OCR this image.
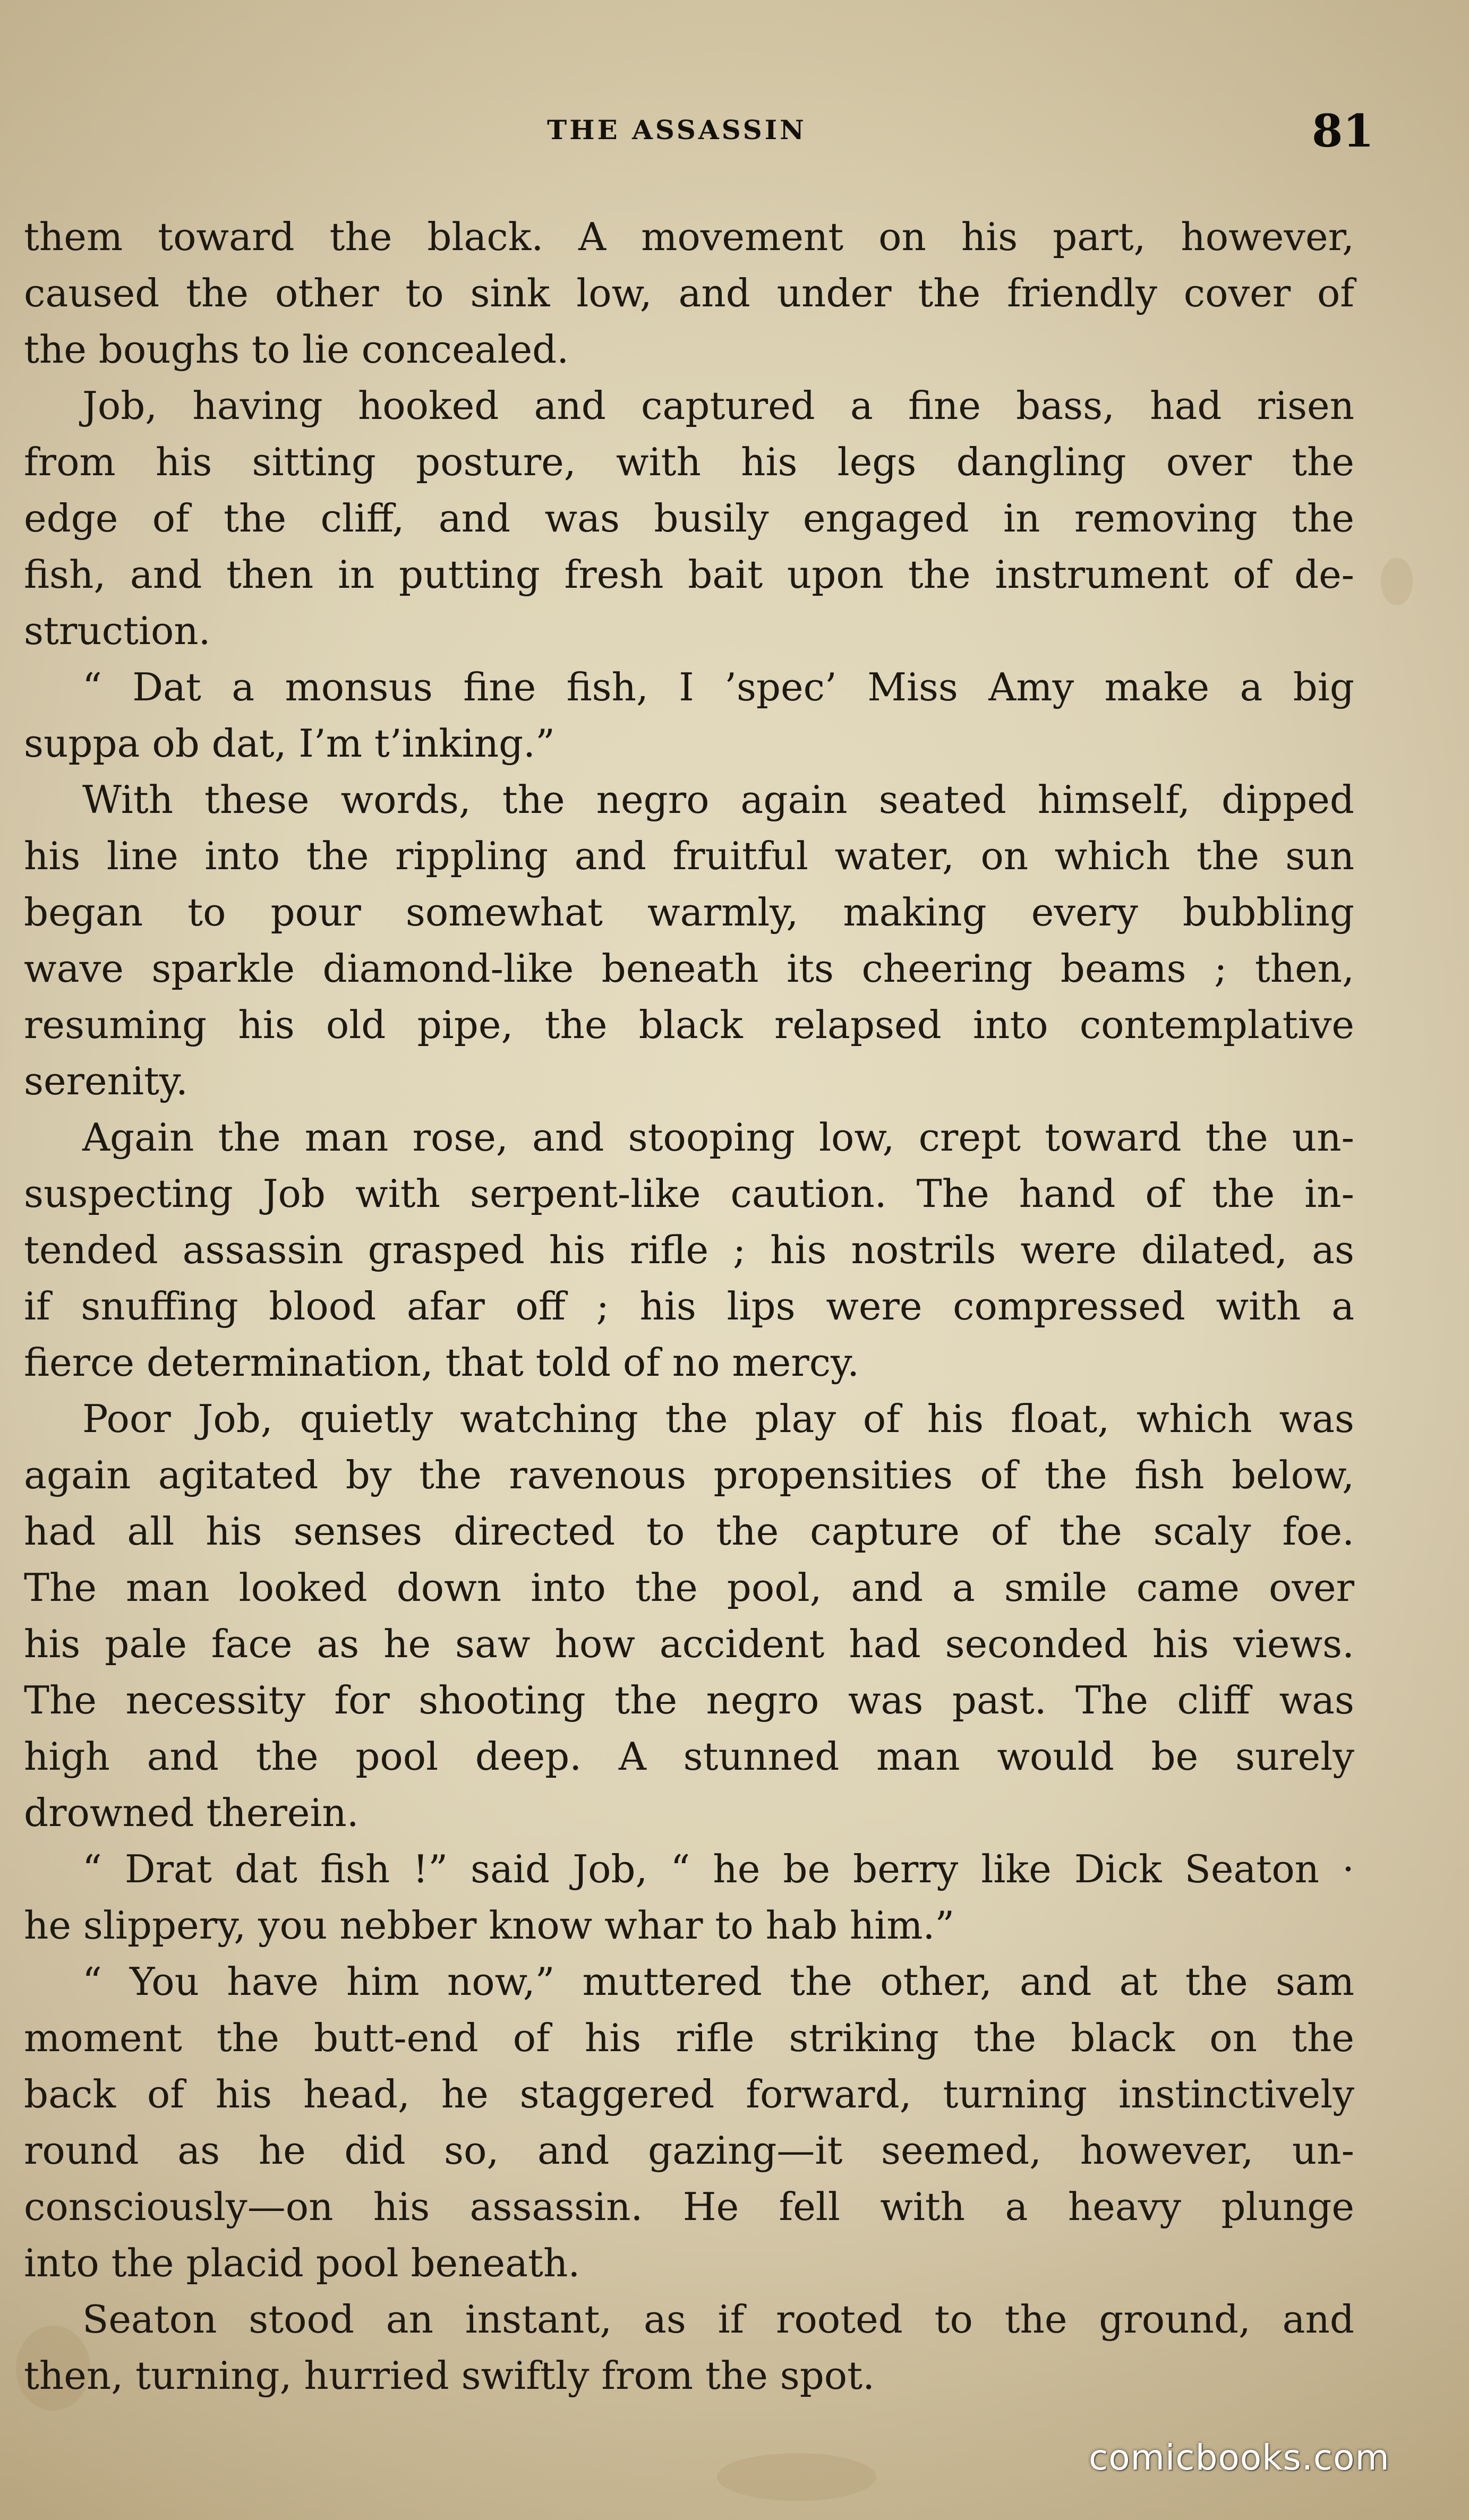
THE ASSASSIN	81
them toward the black. A movement on his part, however,
caused the other to sink low, and under the friendly cover of
the boughs to lie concealed.
Job, having hooked and captured a fine bass, had risen
from his sitting posture, with his legs dangling over the
edge of the cliff, and was busily engaged in removing the
fish, and then in putting fresh bait upon the instrument of de-
struction.
“ Dat a monsus fine fish, I ’spec’ Miss Amy make a big
suppa ob dat, I’m t’inking.”
With these words, the negro again seated himself, dipped
his line into the rippling and fruitful water, on which the sun
began to pour somewhat warmly, making every bubbling
wave sparkle diamond-like beneath its cheering beams ; then,
resuming his old pipe, the black relapsed into contemplative
serenity.
Again the man rose, and stooping low, crept toward the un-
suspecting Job with serpent-like caution. The hand of the in-
tended assassin grasped his rifle ; his nostrils were dilated, as
if snuffing blood afar off ; his lips were compressed with a
fierce determination, that told of no mercy.
Poor Job, quietly watching the play of his float, which was
again agitated by the ravenous propensities of the fish below,
had all his senses directed to the capture of the scaly foe.
The man looked down into the pool, and a smile came over
his pale face as he saw how accident had seconded his views.
The necessity for shooting the negro was past. The cliff was
high and the pool deep. A stunned man would be surely
drowned therein.
“ Drat dat fish !” said Job, “ he be berry like Dick Seaton ·
he slippery, you nebber know whar to hab him.”
“ You have him now,” muttered the other, and at the sam
moment the butt-end of his rifle striking the black on the
back of his head, he staggered forward, turning instinctively
round as he did so, and gazing—it seemed, however, un-
consciously—on his assassin. He fell with a heavy plunge
into the placid pool beneath.
Seaton stood an instant, as if rooted to the ground, and
then, turning, hurried swiftly from the spot.
comicbooks.com
